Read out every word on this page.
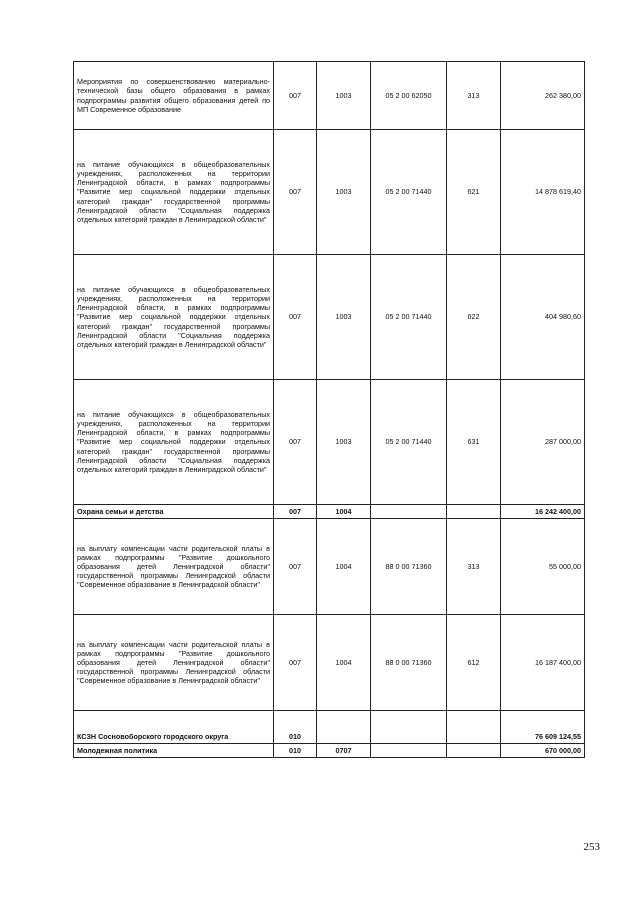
Мероприятия по совершенствованию материально-технической базы общего образования в рамках подпрограммы развития общего образования детей по МП Современное образование	007	1003	05 2 00 62050	313	262 380,00
на питание обучающихся в общеобразовательных учреждениях, расположенных на территории Ленинградской области, в рамках подпрограммы "Развитие мер социальной поддержки отдельных категорий граждан" государственной программы Ленинградской области "Социальная поддержка отдельных категорий граждан в Ленинградской области"	007	1003	05 2 00 71440	621	14 878 619,40
на питание обучающихся в общеобразовательных учреждениях, расположенных на территории Ленинградской области, в рамках подпрограммы "Развитие мер социальной поддержки отдельных категорий граждан" государственной программы Ленинградской области "Социальная поддержка отдельных категорий граждан в Ленинградской области"	007	1003	05 2 00 71440	622	404 980,60
на питание обучающихся в общеобразовательных учреждениях, расположенных на территории Ленинградской области, в рамках подпрограммы "Развитие мер социальной поддержки отдельных категорий граждан" государственной программы Ленинградской области "Социальная поддержка отдельных категорий граждан в Ленинградской области"	007	1003	05 2 00 71440	631	287 000,00
Охрана семьи и детства	007	1004			16 242 400,00
на выплату компенсации части родительской платы в рамках подпрограммы "Развитие дошкольного образования детей Ленинградской области" государственной программы Ленинградской области "Современное образование в Ленинградской области"	007	1004	88 0 00 71360	313	55 000,00
на выплату компенсации части родительской платы в рамках подпрограммы "Развитие дошкольного образования детей Ленинградской области" государственной программы Ленинградской области "Современное образование в Ленинградской области"	007	1004	88 0 00 71360	612	16 187 400,00
КСЗН Сосновоборского городского округа	010				76 609 124,55
Молодежная политика	010	0707			670 000,00
253
